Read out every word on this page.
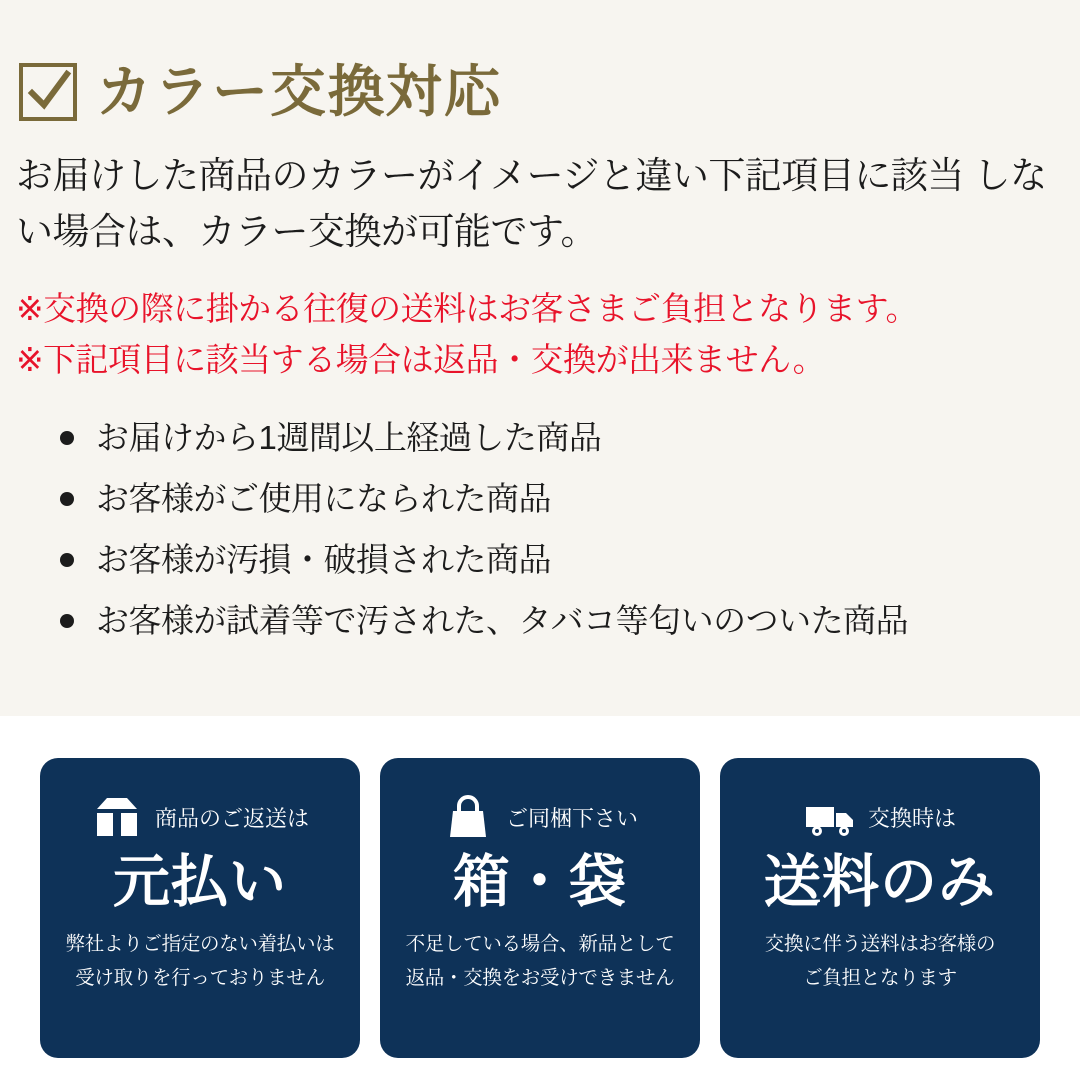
カラー交換対応
お届けした商品のカラーがイメージと違い下記項目に該当 しない場合は、カラー交換が可能です。
※交換の際に掛かる往復の送料はお客さまご負担となります。
※下記項目に該当する場合は返品・交換が出来ません。
お届けから1週間以上経過した商品
お客様がご使用になられた商品
お客様が汚損・破損された商品
お客様が試着等で汚された、タバコ等匂いのついた商品
商品のご返送は
元払い
弊社よりご指定のない着払いは
受け取りを行っておりません
ご同梱下さい
箱・袋
不足している場合、新品として
返品・交換をお受けできません
交換時は
送料のみ
交換に伴う送料はお客様の
ご負担となります
